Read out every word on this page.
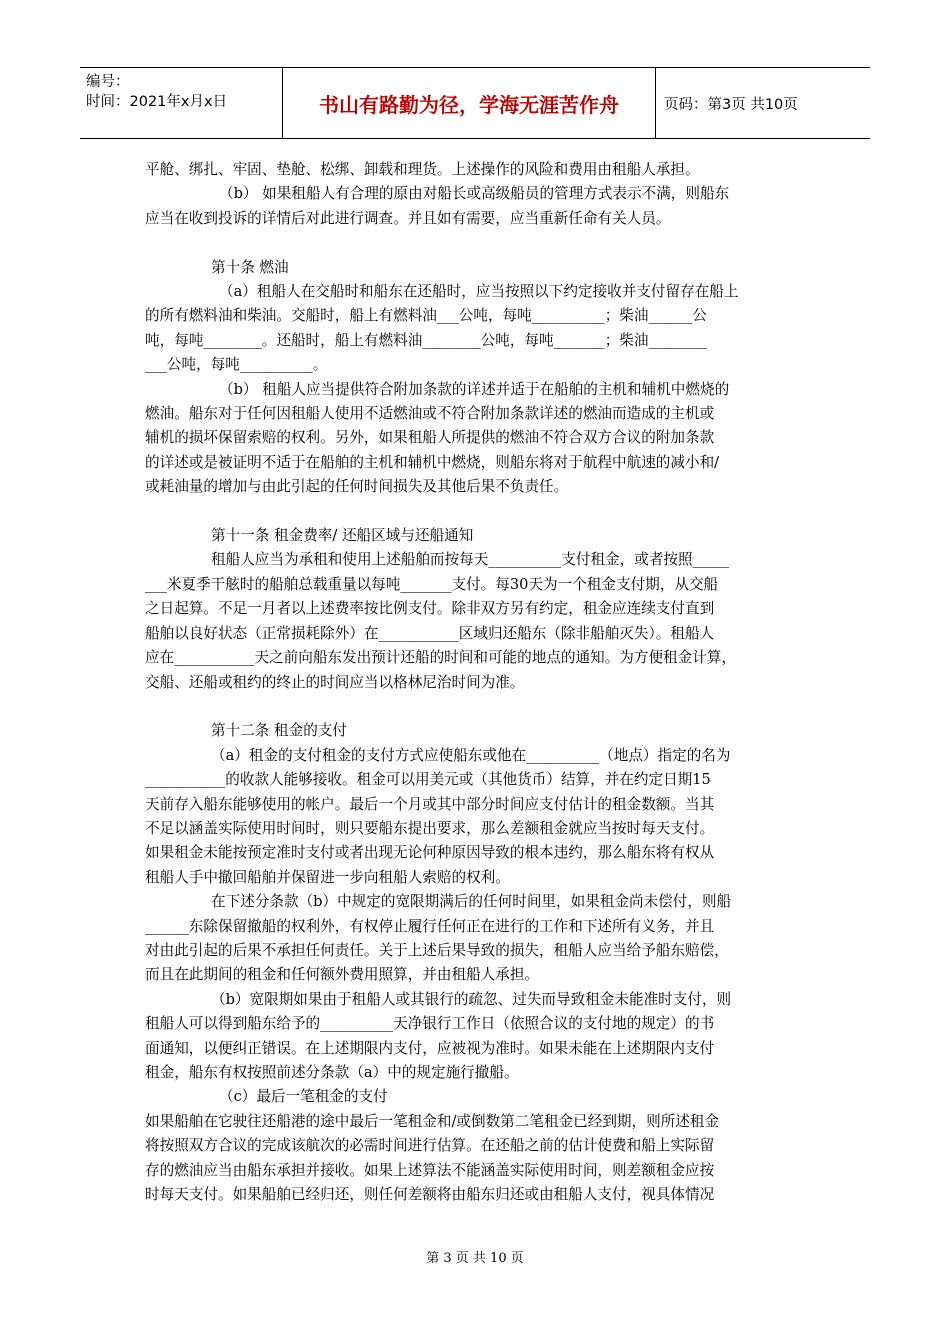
编号：
时间：2021年x月x日	书山有路勤为径，学海无涯苦作舟	页码：第3页 共10页

平舱、绑扎、牢固、垫舱、松绑、卸载和理货。上述操作的风险和费用由租船人承担。

（b） 如果租船人有合理的原由对船长或高级船员的管理方式表示不满，则船东

应当在收到投诉的详情后对此进行调查。并且如有需要，应当重新任命有关人员。

第十条 燃油

（a）租船人在交船时和船东在还船时，应当按照以下约定接收并支付留存在船上

的所有燃料油和柴油。交船时，船上有燃料油___公吨，每吨__________；柴油______公

吨，每吨________。还船时，船上有燃料油________公吨，每吨_______；柴油________

___公吨，每吨__________。

（b） 租船人应当提供符合附加条款的详述并适于在船舶的主机和辅机中燃烧的

燃油。船东对于任何因租船人使用不适燃油或不符合附加条款详述的燃油而造成的主机或

辅机的损坏保留索赔的权利。另外，如果租船人所提供的燃油不符合双方合议的附加条款

的详述或是被证明不适于在船舶的主机和辅机中燃烧，则船东将对于航程中航速的减小和/

或耗油量的增加与由此引起的任何时间损失及其他后果不负责任。

第十一条 租金费率/ 还船区域与还船通知

租船人应当为承租和使用上述船舶而按每天__________支付租金，或者按照_____

___米夏季干舷时的船舶总载重量以每吨_______支付。每30天为一个租金支付期，从交船

之日起算。不足一月者以上述费率按比例支付。除非双方另有约定，租金应连续支付直到

船舶以良好状态（正常损耗除外）在___________区域归还船东（除非船舶灭失）。租船人

应在___________天之前向船东发出预计还船的时间和可能的地点的通知。为方便租金计算，

交船、还船或租约的终止的时间应当以格林尼治时间为准。

第十二条 租金的支付

（a）租金的支付租金的支付方式应使船东或他在__________（地点）指定的名为

___________的收款人能够接收。租金可以用美元或（其他货币）结算，并在约定日期15

天前存入船东能够使用的帐户。最后一个月或其中部分时间应支付估计的租金数额。当其

不足以涵盖实际使用时间时，则只要船东提出要求，那么差额租金就应当按时每天支付。

如果租金未能按预定准时支付或者出现无论何种原因导致的根本违约，那么船东将有权从

租船人手中撤回船舶并保留进一步向租船人索赔的权利。

在下述分条款（b）中规定的宽限期满后的任何时间里，如果租金尚未偿付，则船

______东除保留撤船的权利外，有权停止履行任何正在进行的工作和下述所有义务，并且

对由此引起的后果不承担任何责任。关于上述后果导致的损失，租船人应当给予船东赔偿，

而且在此期间的租金和任何额外费用照算，并由租船人承担。

（b）宽限期如果由于租船人或其银行的疏忽、过失而导致租金未能准时支付，则

租船人可以得到船东给予的__________天净银行工作日（依照合议的支付地的规定）的书

面通知，以便纠正错误。在上述期限内支付，应被视为准时。如果未能在上述期限内支付

租金，船东有权按照前述分条款（a）中的规定施行撤船。

（c）最后一笔租金的支付

如果船舶在它驶往还船港的途中最后一笔租金和/或倒数第二笔租金已经到期，则所述租金

将按照双方合议的完成该航次的必需时间进行估算。在还船之前的估计使费和船上实际留

存的燃油应当由船东承担并接收。如果上述算法不能涵盖实际使用时间，则差额租金应按

时每天支付。如果船舶已经归还，则任何差额将由船东归还或由租船人支付，视具体情况

第 3 页 共 10 页
